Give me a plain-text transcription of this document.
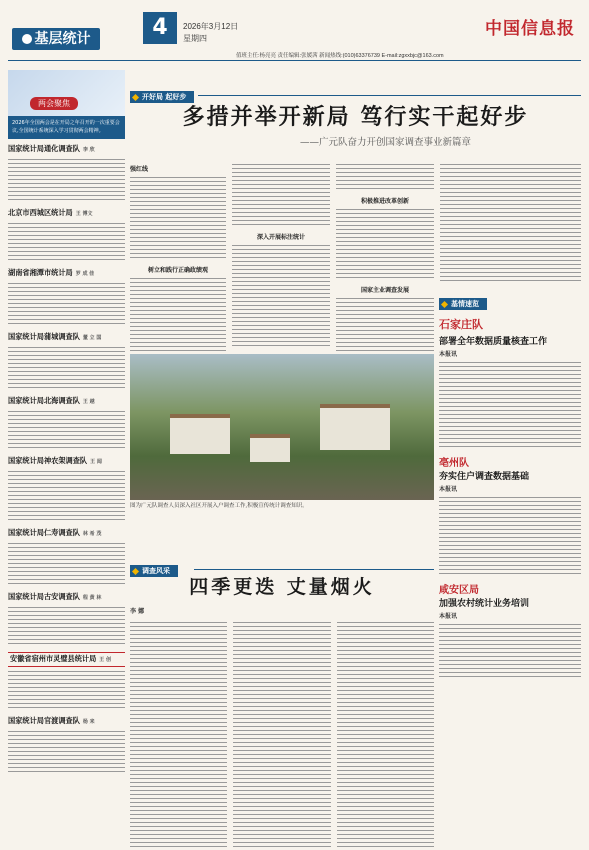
基层统计	4	2026年3月12日
星期四	中国信息报
值班主任:杨亮亮 责任编辑:张媛茜 新闻热线:(010)63376739 E-mail:zgxxbjc@163.com
两会聚焦
2026年全国两会是在开局之年召开的一次重要会议,全国统计系统深入学习贯彻两会精神。
国家统计局通化调查队 李 欣
北京市西城区统计局 王 博文
湖南省湘潭市统计局 罗 成 佳
国家统计局蒲城调查队 董 立 国
国家统计局北海调查队 王 越
国家统计局神农架调查队 王 闻
国家统计局仁寿调查队 林 希 茂
国家统计局古安调查队 程 黄 林
安徽省宿州市灵璧县统计局 王 创
国家统计局官渡调查队 杨 来
开好局 起好步
多措并举开新局 笃行实干起好步
——广元队奋力开创国家调查事业新篇章
强红线
树立和践行正确政绩观
深入开展标注统计
积极推进改革创新
国家主业调查发展
图为广元队调查人员深入社区开展入户调查工作,积极宣传统计调查知识。
基情速览
石家庄队
部署全年数据质量核查工作
本报讯
亳州队
夯实住户调查数据基础
本报讯
咸安区局
加强农村统计业务培训
本报讯
调查风采
四季更迭 丈量烟火
李 娜
